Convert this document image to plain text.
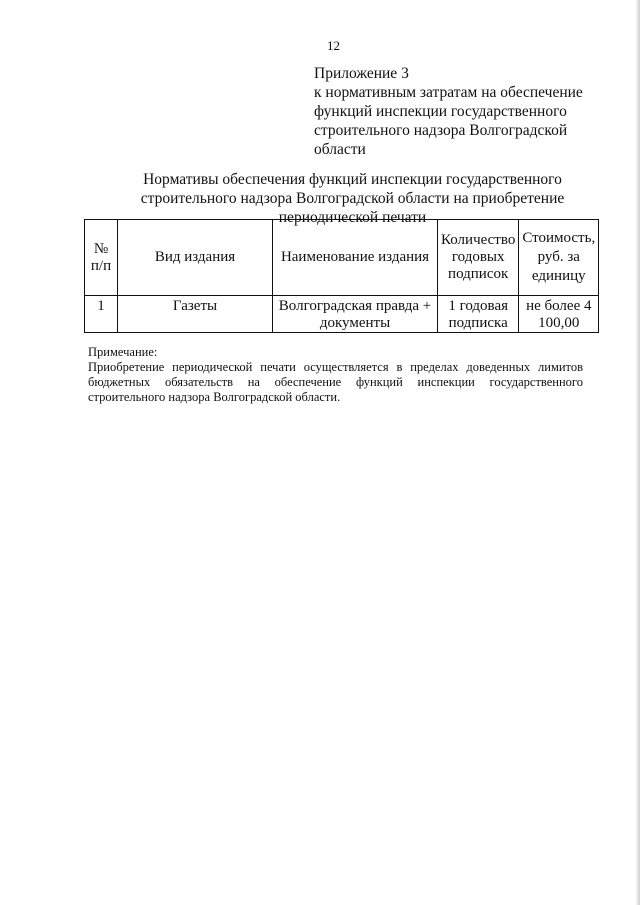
12
Приложение 3
к нормативным затратам на обеспечение
функций инспекции государственного
строительного надзора Волгоградской
области
Нормативы обеспечения функций инспекции государственного
строительного надзора Волгоградской области на приобретение
периодической печати
№ п/п	Вид издания	Наименование издания	Количество годовых подписок	Стоимость, руб. за единицу
1	Газеты	Волгоградская правда + документы	1 годовая подписка	не более 4 100,00
Примечание:
Приобретение периодической печати осуществляется в пределах доведенных лимитов бюджетных обязательств на обеспечение функций инспекции государственного строительного надзора Волгоградской области.
